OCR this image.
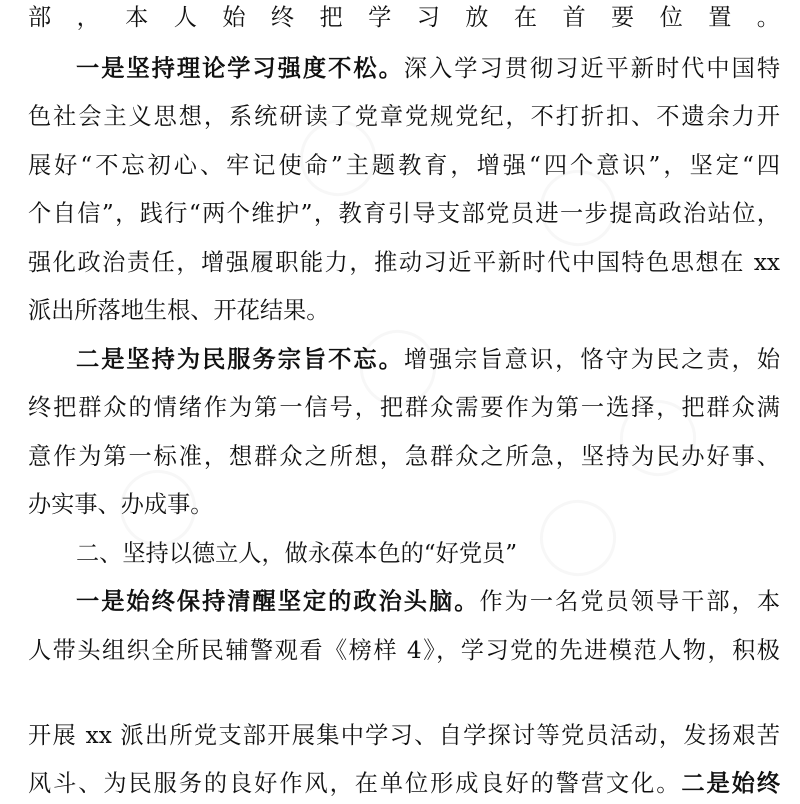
部，本人始终把学习放在首要位置。
一是坚持理论学习强度不松。深入学习贯彻习近平新时代中国特
色社会主义思想，系统研读了党章党规党纪，不打折扣、不遗余力开
展好“不忘初心、牢记使命”主题教育，增强“四个意识”，坚定“四
个自信”，践行“两个维护”，教育引导支部党员进一步提高政治站位，
强化政治责任，增强履职能力，推动习近平新时代中国特色思想在 xx
派出所落地生根、开花结果。
二是坚持为民服务宗旨不忘。增强宗旨意识，恪守为民之责，始
终把群众的情绪作为第一信号，把群众需要作为第一选择，把群众满
意作为第一标准，想群众之所想，急群众之所急，坚持为民办好事、
办实事、办成事。
二、坚持以德立人，做永葆本色的“好党员”
一是始终保持清醒坚定的政治头脑。作为一名党员领导干部，本
人带头组织全所民辅警观看《榜样 4》，学习党的先进模范人物，积极
开展 xx 派出所党支部开展集中学习、自学探讨等党员活动，发扬艰苦
风斗、为民服务的良好作风，在单位形成良好的警营文化。二是始终
